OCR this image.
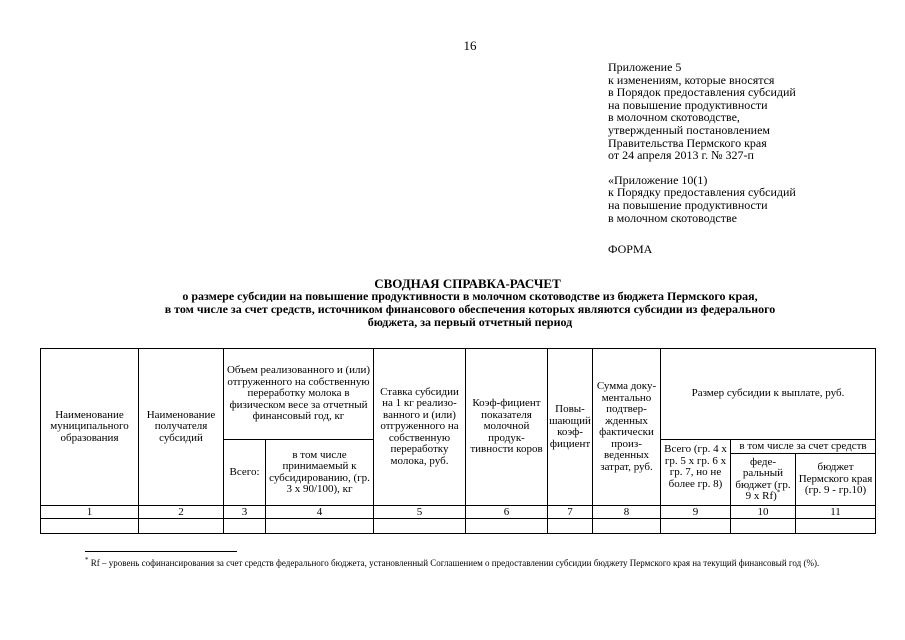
16
Приложение 5
к изменениям, которые вносятся
в Порядок предоставления субсидий
на повышение продуктивности
в молочном скотоводстве,
утвержденный постановлением
Правительства Пермского края
от 24 апреля 2013 г. № 327-п
«Приложение 10(1)
к Порядку предоставления субсидий
на повышение продуктивности
в молочном скотоводстве
ФОРМА
СВОДНАЯ СПРАВКА-РАСЧЕТ
о размере субсидии на повышение продуктивности в молочном скотоводстве из бюджета Пермского края,
в том числе за счет средств, источником финансового обеспечения которых являются субсидии из федерального
бюджета, за первый отчетный период
Наименование муниципального образования	Наименование получателя субсидий	Объем реализованного и (или) отгруженного на собственную переработку молока в физическом весе за отчетный финансовый год, кг		Ставка субсидии на 1 кг реализо-ванного и (или) отгруженного на собственную переработку молока, руб.	Коэф-фициент показателя молочной продук-тивности коров	Повы-шающий коэф-фициент	Сумма доку-ментально подтвер-жденных фактически произ-веденных затрат, руб.	Размер субсидии к выплате, руб.		
		Всего:	в том числе принимаемый к субсидированию, (гр. 3 х 90/100), кг					Всего (гр. 4 х гр. 5 х гр. 6 х гр. 7, но не более гр. 8)	в том числе за счет средств	
									феде-ральный бюджет (гр. 9 х Rf)*	бюджет Пермского края (гр. 9 - гр.10)
1	2	3	4	5	6	7	8	9	10	11

* Rf – уровень софинансирования за счет средств федерального бюджета, установленный Соглашением о предоставлении субсидии бюджету Пермского края на текущий финансовый год (%).
